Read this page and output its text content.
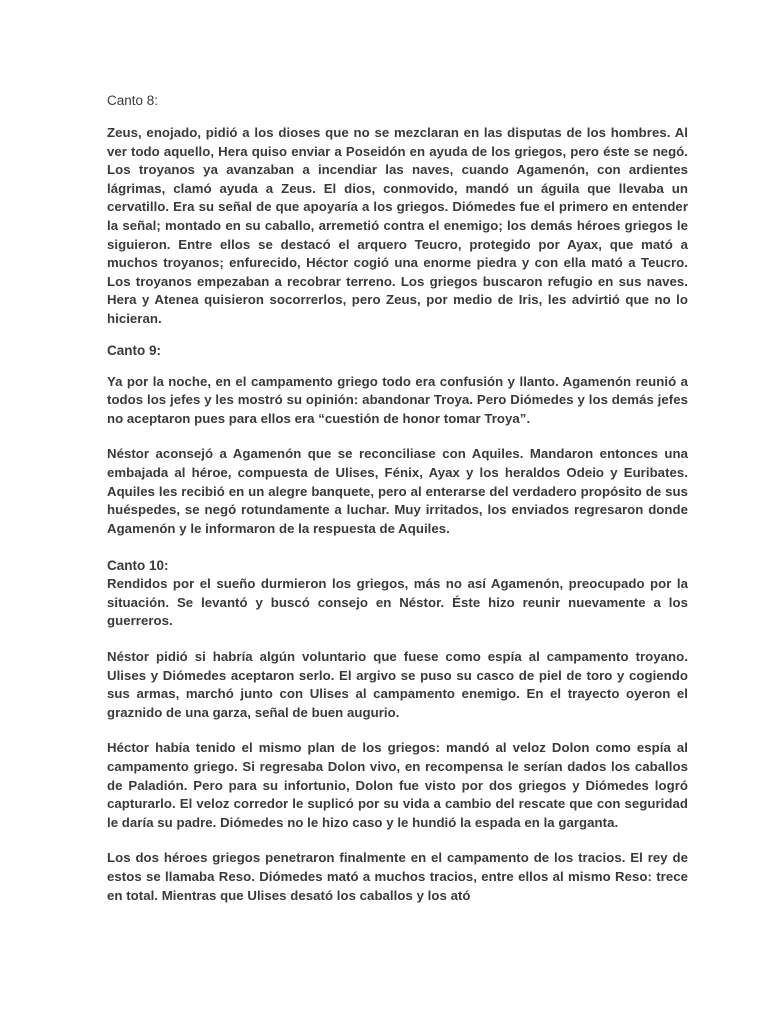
Canto 8:

Zeus, enojado, pidió a los dioses que no se mezclaran en las disputas de los hombres. Al ver todo aquello, Hera quiso enviar a Poseidón en ayuda de los griegos, pero éste se negó. Los troyanos ya avanzaban a incendiar las naves, cuando Agamenón, con ardientes lágrimas, clamó ayuda a Zeus. El dios, conmovido, mandó un águila que llevaba un cervatillo. Era su señal de que apoyaría a los griegos. Diómedes fue el primero en entender la señal; montado en su caballo, arremetió contra el enemigo; los demás héroes griegos le siguieron. Entre ellos se destacó el arquero Teucro, protegido por Ayax, que mató a muchos troyanos; enfurecido, Héctor cogió una enorme piedra y con ella mató a Teucro. Los troyanos empezaban a recobrar terreno. Los griegos buscaron refugio en sus naves. Hera y Atenea quisieron socorrerlos, pero Zeus, por medio de Iris, les advirtió que no lo hicieran.

Canto 9:

Ya por la noche, en el campamento griego todo era confusión y llanto. Agamenón reunió a todos los jefes y les mostró su opinión: abandonar Troya. Pero Diómedes y los demás jefes no aceptaron pues para ellos era “cuestión de honor tomar Troya”.

Néstor aconsejó a Agamenón que se reconciliase con Aquiles. Mandaron entonces una embajada al héroe, compuesta de Ulises, Fénix, Ayax y los heraldos Odeio y Euribates. Aquiles les recibió en un alegre banquete, pero al enterarse del verdadero propósito de sus huéspedes, se negó rotundamente a luchar. Muy irritados, los enviados regresaron donde Agamenón y le informaron de la respuesta de Aquiles.

Canto 10:

Rendidos por el sueño durmieron los griegos, más no así Agamenón, preocupado por la situación. Se levantó y buscó consejo en Néstor. Éste hizo reunir nuevamente a los guerreros.

Néstor pidió si habría algún voluntario que fuese como espía al campamento troyano. Ulises y Diómedes aceptaron serlo. El argivo se puso su casco de piel de toro y cogiendo sus armas, marchó junto con Ulises al campamento enemigo. En el trayecto oyeron el graznido de una garza, señal de buen augurio.

Héctor había tenido el mismo plan de los griegos: mandó al veloz Dolon como espía al campamento griego. Si regresaba Dolon vivo, en recompensa le serían dados los caballos de Paladión. Pero para su infortunio, Dolon fue visto por dos griegos y Diómedes logró capturarlo. El veloz corredor le suplicó por su vida a cambio del rescate que con seguridad le daría su padre. Diómedes no le hizo caso y le hundió la espada en la garganta.

Los dos héroes griegos penetraron finalmente en el campamento de los tracios. El rey de estos se llamaba Reso. Diómedes mató a muchos tracios, entre ellos al mismo Reso: trece en total. Mientras que Ulises desató los caballos y los ató
